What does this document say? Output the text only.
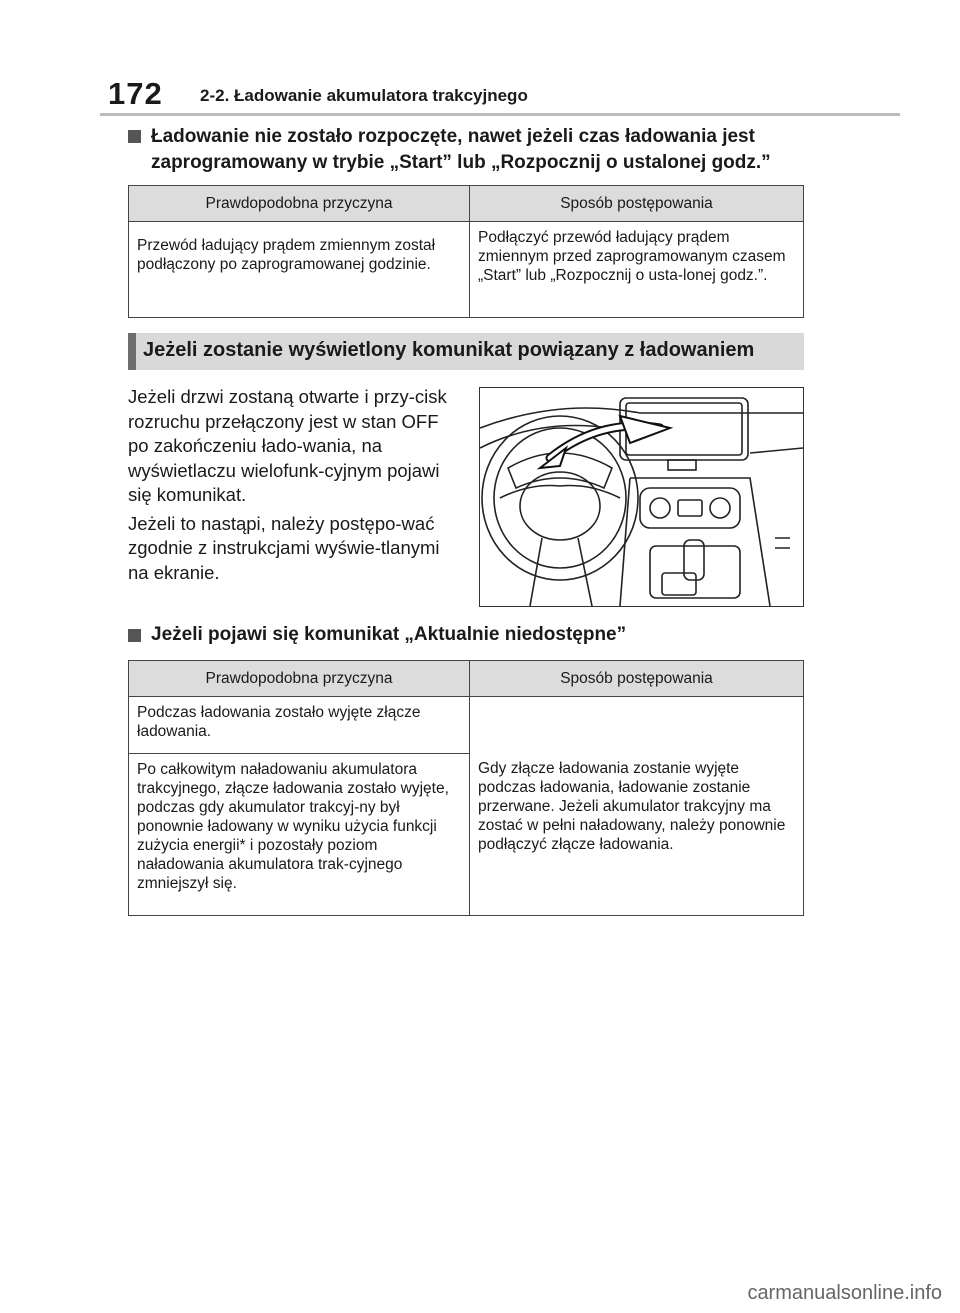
172 2-2. Ładowanie akumulatora trakcyjnego
Ładowanie nie zostało rozpoczęte, nawet jeżeli czas ładowania jest zaprogramowany w trybie „Start” lub „Rozpocznij o ustalonej godz.”
Prawdopodobna przyczyna	Sposób postępowania
Przewód ładujący prądem zmiennym został podłączony po zaprogramowanej godzinie.	Podłączyć przewód ładujący prądem zmiennym przed zaprogramowanym czasem „Start” lub „Rozpocznij o usta-lonej godz.”.
Jeżeli zostanie wyświetlony komunikat powiązany z ładowaniem

Jeżeli drzwi zostaną otwarte i przy-cisk rozruchu przełączony jest w stan OFF po zakończeniu łado-wania, na wyświetlaczu wielofunk-cyjnym pojawi się komunikat.

Jeżeli to nastąpi, należy postępo-wać zgodnie z instrukcjami wyświe-tlanymi na ekranie.

Jeżeli pojawi się komunikat „Aktualnie niedostępne”
Prawdopodobna przyczyna	Sposób postępowania
Podczas ładowania zostało wyjęte złącze ładowania.	Gdy złącze ładowania zostanie wyjęte podczas ładowania, ładowanie zostanie przerwane. Jeżeli akumulator trakcyjny ma zostać w pełni naładowany, należy ponownie podłączyć złącze ładowania.
Po całkowitym naładowaniu akumulatora trakcyjnego, złącze ładowania zostało wyjęte, podczas gdy akumulator trakcyj-ny był ponownie ładowany w wyniku użycia funkcji zużycia energii* i pozostały poziom naładowania akumulatora trak-cyjnego zmniejszył się.	
carmanualsonline.info
